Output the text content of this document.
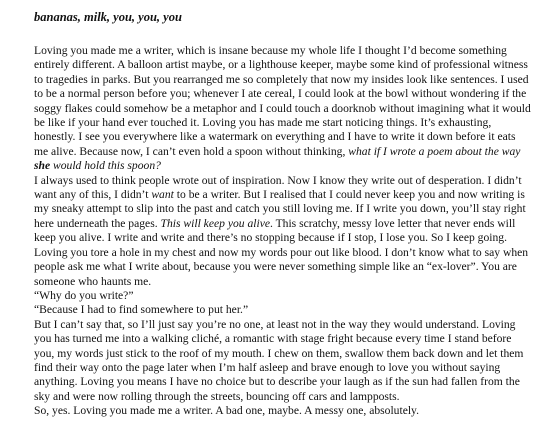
bananas, milk, you, you, you

Loving you made me a writer, which is insane because my whole life I thought I’d become something entirely different. A balloon artist maybe, or a lighthouse keeper, maybe some kind of professional witness to tragedies in parks. But you rearranged me so completely that now my insides look like sentences. I used to be a normal person before you; whenever I ate cereal, I could look at the bowl without wondering if the soggy flakes could somehow be a metaphor and I could touch a doorknob without imagining what it would be like if your hand ever touched it. Loving you has made me start noticing things. It’s exhausting, honestly. I see you everywhere like a watermark on everything and I have to write it down before it eats me alive. Because now, I can’t even hold a spoon without thinking, what if I wrote a poem about the way she would hold this spoon?

I always used to think people wrote out of inspiration. Now I know they write out of desperation. I didn’t want any of this, I didn’t want to be a writer. But I realised that I could never keep you and now writing is my sneaky attempt to slip into the past and catch you still loving me. If I write you down, you’ll stay right here underneath the pages. This will keep you alive. This scratchy, messy love letter that never ends will keep you alive. I write and write and there’s no stopping because if I stop, I lose you. So I keep going. Loving you tore a hole in my chest and now my words pour out like blood. I don’t know what to say when people ask me what I write about, because you were never something simple like an “ex-lover”. You are someone who haunts me.

“Why do you write?”

“Because I had to find somewhere to put her.”

But I can’t say that, so I’ll just say you’re no one, at least not in the way they would understand. Loving you has turned me into a walking cliché, a romantic with stage fright because every time I stand before you, my words just stick to the roof of my mouth. I chew on them, swallow them back down and let them find their way onto the page later when I’m half asleep and brave enough to love you without saying anything. Loving you means I have no choice but to describe your laugh as if the sun had fallen from the sky and were now rolling through the streets, bouncing off cars and lampposts.

So, yes. Loving you made me a writer. A bad one, maybe. A messy one, absolutely.
